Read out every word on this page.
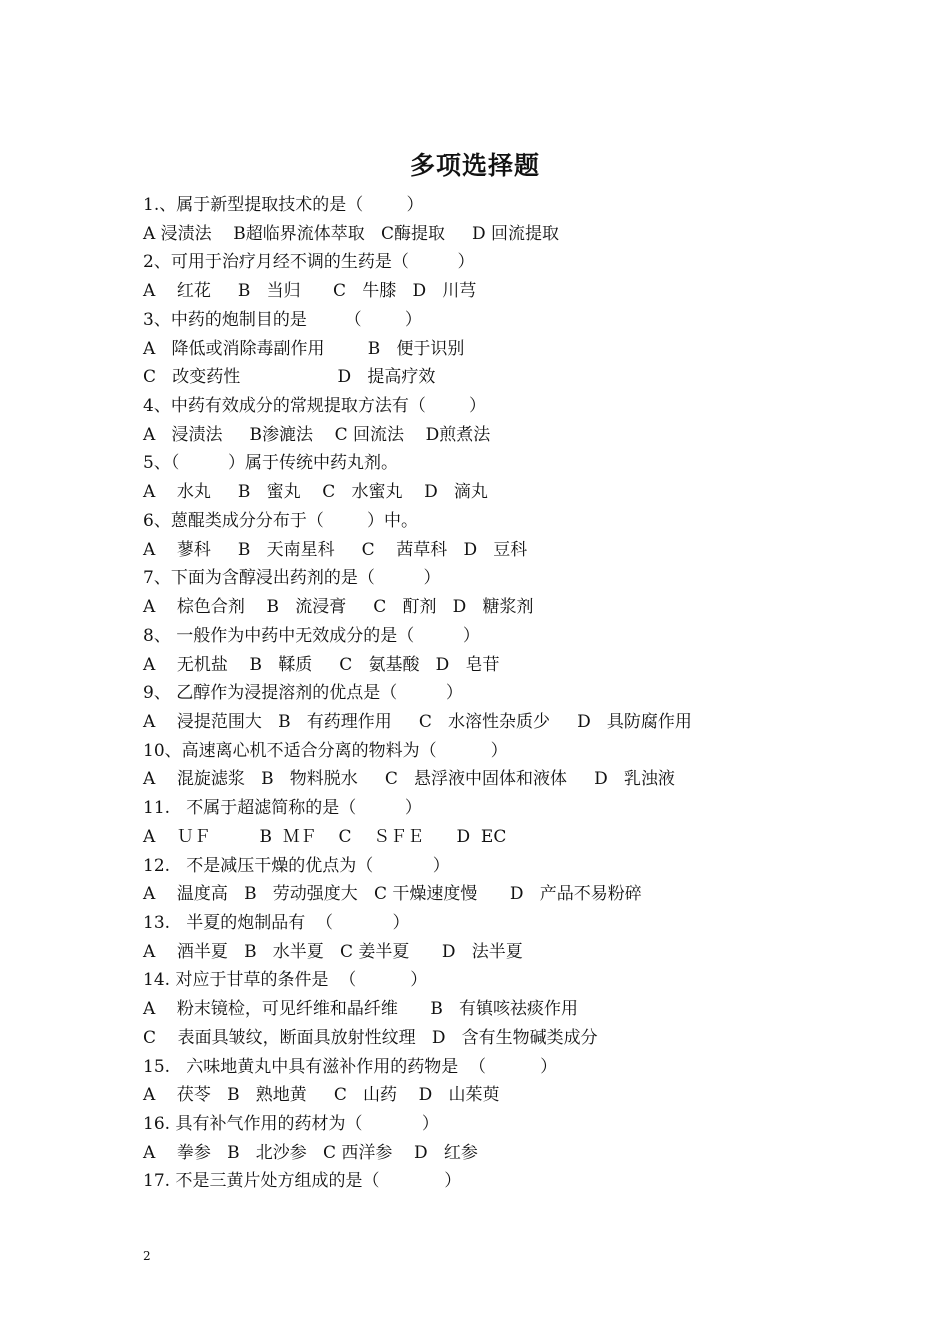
多项选择题
1.、属于新型提取技术的是（        ）
A 浸渍法    B超临界流体萃取   C酶提取     D 回流提取
2、可用于治疗月经不调的生药是（         ）
A    红花     B   当归      C   牛膝   D   川芎
3、中药的炮制目的是       （        ）
A   降低或消除毒副作用        B   便于识别
C   改变药性                  D   提高疗效
4、中药有效成分的常规提取方法有（        ）
A   浸渍法     B渗漉法    C 回流法    D煎煮法
5、（         ）属于传统中药丸剂。
A    水丸     B   蜜丸    C   水蜜丸    D   滴丸
6、蒽醌类成分分布于（        ）中。
A    蓼科     B   天南星科     C    茜草科   D   豆科
7、下面为含醇浸出药剂的是（         ）
A    棕色合剂    B   流浸膏     C   酊剂   D   糖浆剂
8、 一般作为中药中无效成分的是（         ）
A    无机盐    B   鞣质     C   氨基酸   D   皂苷
9、 乙醇作为浸提溶剂的优点是（         ）
A    浸提范围大   B   有药理作用     C   水溶性杂质少     D   具防腐作用
10、高速离心机不适合分离的物料为（          ）
A    混旋滤浆   B   物料脱水     C   悬浮液中固体和液体     D   乳浊液
11.   不属于超滤简称的是（         ）
A    ＵＦ         B  ＭＦ    C    ＳＦＥ      D  EC
12.   不是减压干燥的优点为（           ）
A    温度高   B   劳动强度大   C 干燥速度慢      D   产品不易粉碎
13.   半夏的炮制品有  （           ）
A    酒半夏   B   水半夏   C 姜半夏      D   法半夏
14. 对应于甘草的条件是  （          ）
A    粉末镜检，可见纤维和晶纤维      B   有镇咳祛痰作用
C    表面具皱纹，断面具放射性纹理   D   含有生物碱类成分
15.   六味地黄丸中具有滋补作用的药物是  （          ）
A    茯苓   B   熟地黄     C   山药    D   山茱萸
16. 具有补气作用的药材为（           ）
A    拳参   B   北沙参   C 西洋参    D   红参
17. 不是三黄片处方组成的是（            ）
2
